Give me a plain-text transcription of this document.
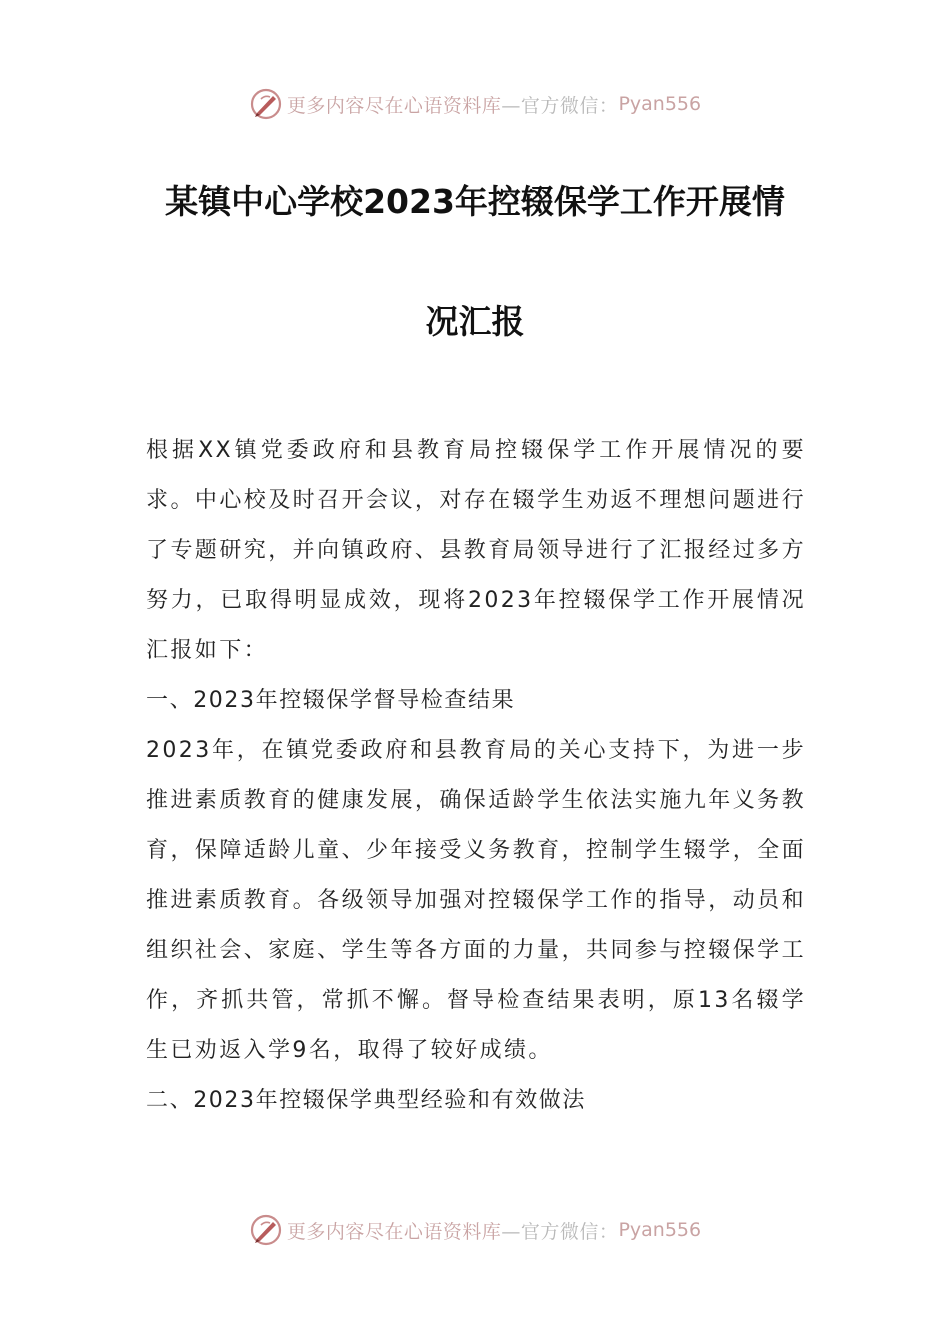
更多内容尽在心语资料库 —官方微信： Pyan556
某镇中心学校2023年控辍保学工作开展情
况汇报

根据XX镇党委政府和县教育局控辍保学工作开展情况的要求。中心校及时召开会议，对存在辍学生劝返不理想问题进行了专题研究，并向镇政府、县教育局领导进行了汇报经过多方努力，已取得明显成效，现将2023年控辍保学工作开展情况汇报如下：

一、2023年控辍保学督导检查结果

2023年，在镇党委政府和县教育局的关心支持下，为进一步推进素质教育的健康发展，确保适龄学生依法实施九年义务教育，保障适龄儿童、少年接受义务教育，控制学生辍学，全面推进素质教育。各级领导加强对控辍保学工作的指导，动员和组织社会、家庭、学生等各方面的力量，共同参与控辍保学工作，齐抓共管，常抓不懈。督导检查结果表明，原13名辍学生已劝返入学9名，取得了较好成绩。

二、2023年控辍保学典型经验和有效做法

更多内容尽在心语资料库 —官方微信： Pyan556
